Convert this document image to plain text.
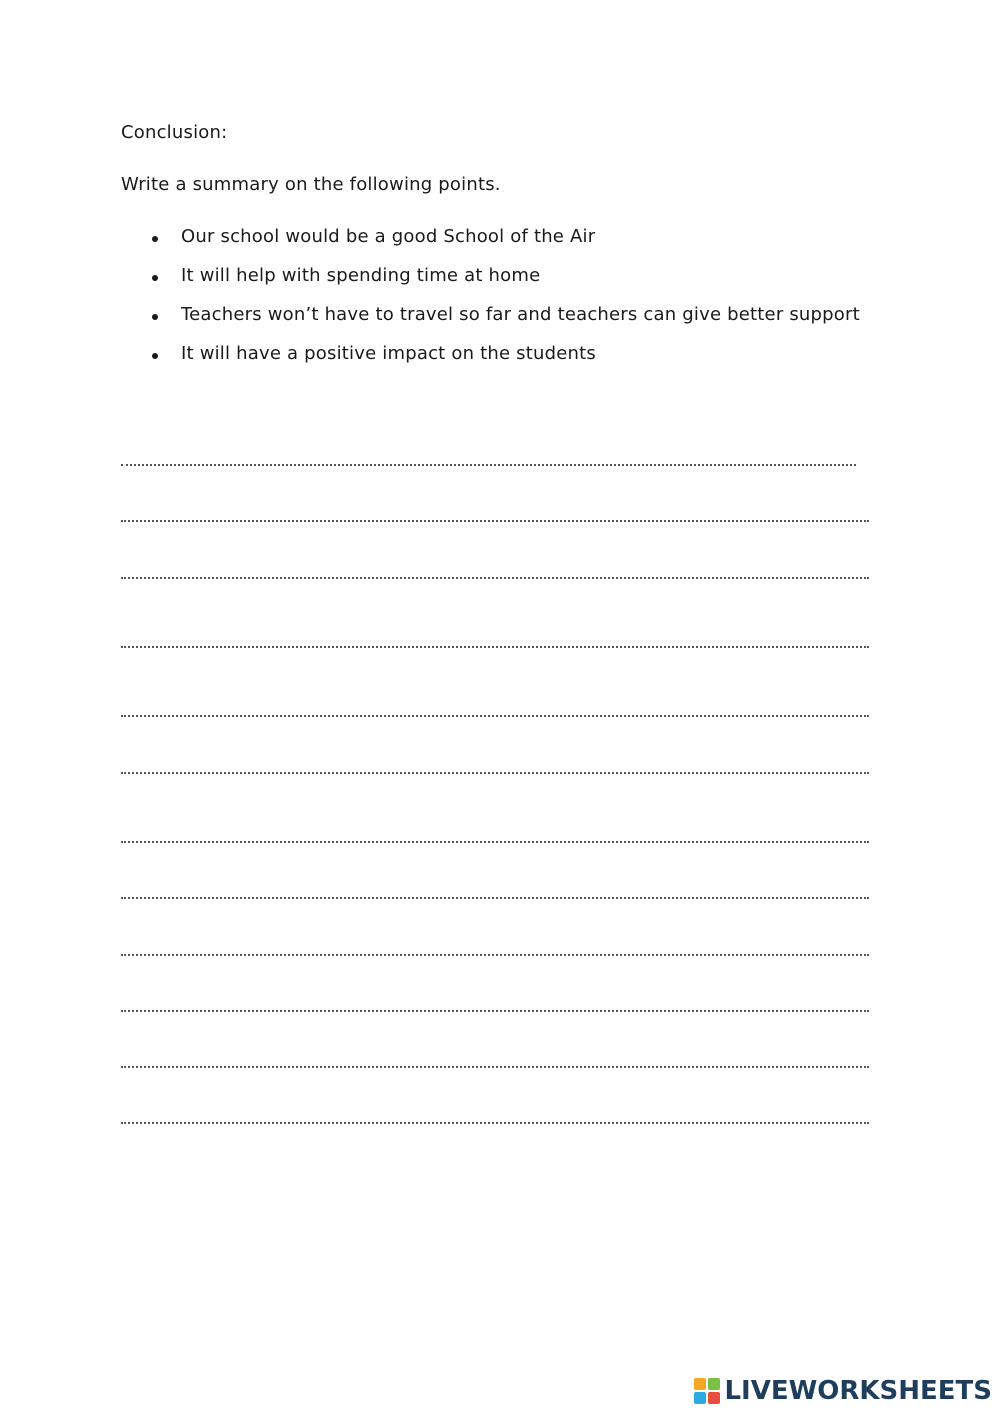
Conclusion:
Write a summary on the following points.
Our school would be a good School of the Air
It will help with spending time at home
Teachers won’t have to travel so far and teachers can give better support
It will have a positive impact on the students
LIVEWORKSHEETS
